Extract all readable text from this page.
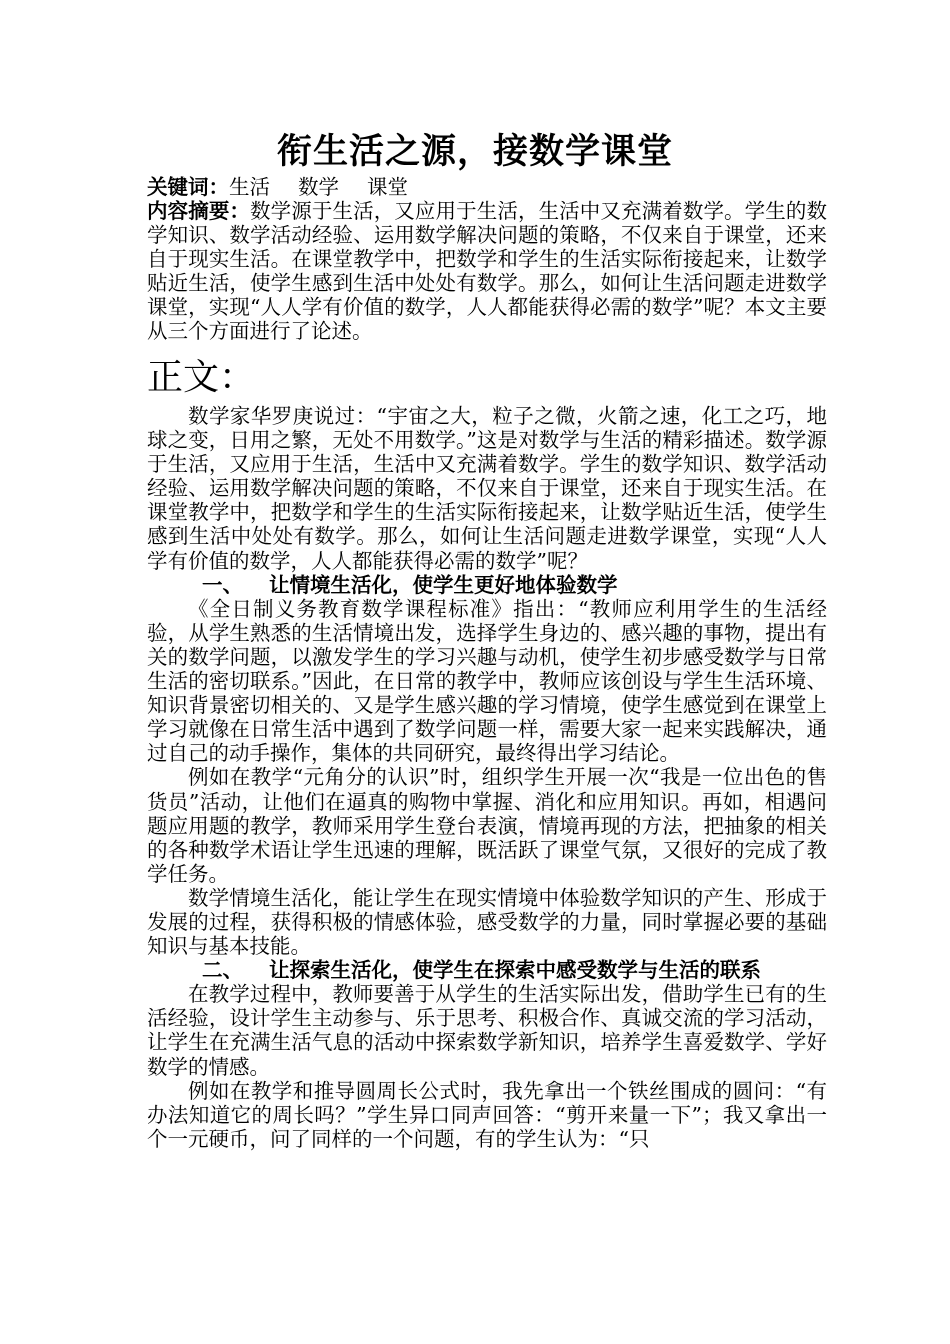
衔生活之源，接数学课堂
关键词：生活 数学 课堂
内容摘要：数学源于生活，又应用于生活，生活中又充满着数学。学生的数学知识、数学活动经验、运用数学解决问题的策略，不仅来自于课堂，还来自于现实生活。在课堂教学中，把数学和学生的生活实际衔接起来，让数学贴近生活，使学生感到生活中处处有数学。那么，如何让生活问题走进数学课堂，实现“人人学有价值的数学，人人都能获得必需的数学”呢？本文主要从三个方面进行了论述。
正文：

数学家华罗庚说过：“宇宙之大，粒子之微，火箭之速，化工之巧，地球之变，日用之繁，无处不用数学。”这是对数学与生活的精彩描述。数学源于生活，又应用于生活，生活中又充满着数学。学生的数学知识、数学活动经验、运用数学解决问题的策略，不仅来自于课堂，还来自于现实生活。在课堂教学中，把数学和学生的生活实际衔接起来，让数学贴近生活，使学生感到生活中处处有数学。那么，如何让生活问题走进数学课堂，实现“人人学有价值的数学，人人都能获得必需的数学”呢？

一、 让情境生活化，使学生更好地体验数学

《全日制义务教育数学课程标准》指出：“教师应利用学生的生活经验，从学生熟悉的生活情境出发，选择学生身边的、感兴趣的事物，提出有关的数学问题，以激发学生的学习兴趣与动机，使学生初步感受数学与日常生活的密切联系。”因此，在日常的教学中，教师应该创设与学生生活环境、知识背景密切相关的、又是学生感兴趣的学习情境，使学生感觉到在课堂上学习就像在日常生活中遇到了数学问题一样，需要大家一起来实践解决，通过自己的动手操作，集体的共同研究，最终得出学习结论。

例如在教学“元角分的认识”时，组织学生开展一次“我是一位出色的售货员”活动，让他们在逼真的购物中掌握、消化和应用知识。再如，相遇问题应用题的教学，教师采用学生登台表演，情境再现的方法，把抽象的相关的各种数学术语让学生迅速的理解，既活跃了课堂气氛，又很好的完成了教学任务。

数学情境生活化，能让学生在现实情境中体验数学知识的产生、形成于发展的过程，获得积极的情感体验，感受数学的力量，同时掌握必要的基础知识与基本技能。

二、 让探索生活化，使学生在探索中感受数学与生活的联系

在教学过程中，教师要善于从学生的生活实际出发，借助学生已有的生活经验，设计学生主动参与、乐于思考、积极合作、真诚交流的学习活动，让学生在充满生活气息的活动中探索数学新知识，培养学生喜爱数学、学好数学的情感。

例如在教学和推导圆周长公式时，我先拿出一个铁丝围成的圆问：“有办法知道它的周长吗？”学生异口同声回答：“剪开来量一下”；我又拿出一个一元硬币，问了同样的一个问题，有的学生认为：“只
